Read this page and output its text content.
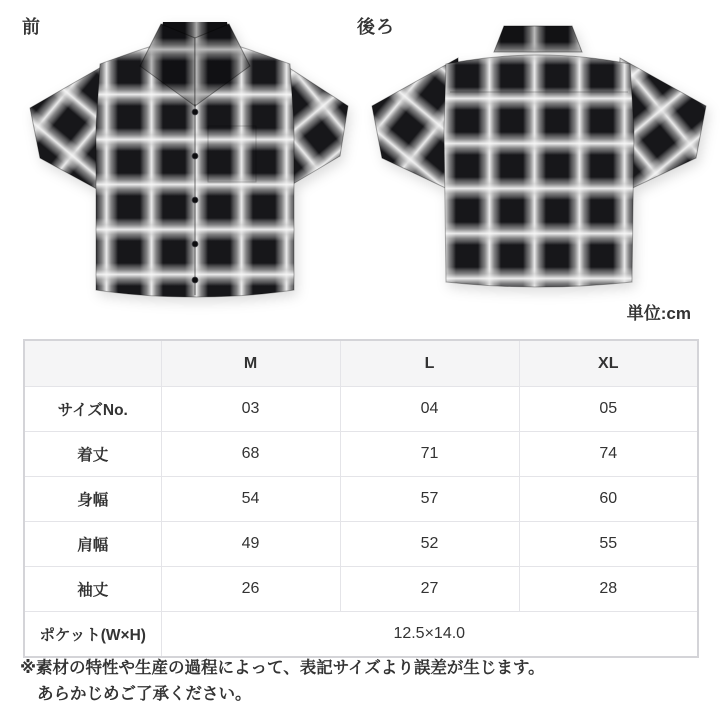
前	後ろ
単位:cm
	M	L	XL
サイズNo.	03	04	05
着丈	68	71	74
身幅	54	57	60
肩幅	49	52	55
袖丈	26	27	28
ポケット(W×H)	12.5×14.0		
※素材の特性や生産の過程によって、表記サイズより誤差が生じます。
あらかじめご了承ください。
